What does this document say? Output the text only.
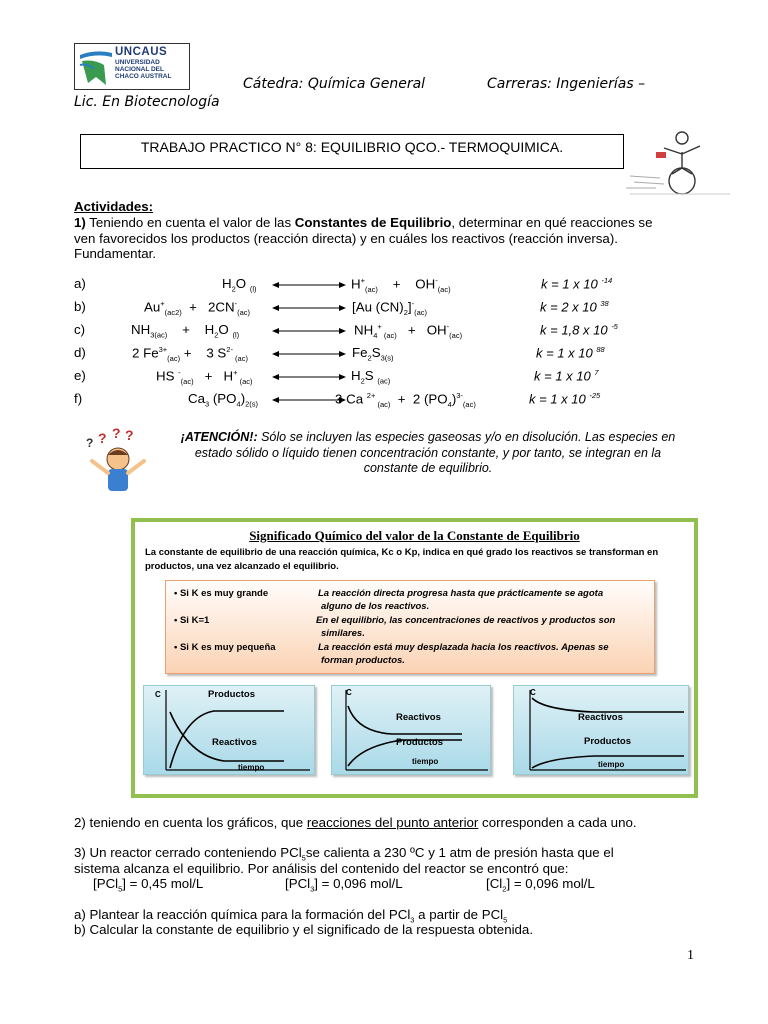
UNCAUS
UNIVERSIDAD
NACIONAL DEL
CHACO AUSTRAL	Cátedra: Química General	Carreras: Ingenierías –
Lic. En Biotecnología
TRABAJO PRACTICO N° 8: EQUILIBRIO QCO.- TERMOQUIMICA.
Actividades:
1) Teniendo en cuenta el valor de las Constantes de Equilibrio, determinar en qué reacciones se
ven favorecidos los productos (reacción directa) y en cuáles los reactivos (reacción inversa).
Fundamentar.
a)	$H_2O$ $_{(l)}$	$H^+_{(ac)}$    +    $OH^-_{(ac)}$	k = 1 x 10 $^{-14}$
b)	$Au^+_{(ac2)} + 2CN^-_{(ac)}$	[Au $(CN)_2]^-_{(ac)}$	k = 2 x 10 $^{38}$
c)	$NH_{3(ac)}$    +    $H_2O$ $_{(l)}$	$NH_4^+$ $_{(ac)} + OH^-_{(ac)}$	k = 1,8 x 10 $^{-5}$
d)	2 $Fe^{3+}_{(ac)}$ +    3 $S^{2-}$ $_{(ac)}$	$Fe_2S_{3(s)}$	k = 1 x 10 $^{88}$
e)	HS -$_{(ac)}$   +   H+ $_{(ac)}$	$H_2S$ $_{(ac)}$	k = 1 x 10 $^7$
f)	$Ca_3$ $(PO_4)_{2(s)}$	3 Ca $^{2+}$ $_{(ac)}$  +  2 $(PO_4)^{3-}_{(ac)}$	k = 1 x 10 $^{-25}$
? ? ?
?	¡ATENCIÓN!: Sólo se incluyen las especies gaseosas y/o en disolución. Las especies en
estado sólido o líquido tienen concentración constante, y por tanto, se integran en la
constante de equilibrio.
Significado Químico del valor de la Constante de Equilibrio
La constante de equilibrio de una reacción química, Kc o Kp, indica en qué grado los reactivos se transforman en
productos, una vez alcanzado el equilibrio.
• Si K es muy grande	La reacción directa progresa hasta que prácticamente se agota
alguno de los reactivos.
• Si K=1	En el equilibrio, las concentraciones de reactivos y productos son
similares.
• Si K es muy pequeña	La reacción está muy desplazada hacia los reactivos. Apenas se
forman productos.
C	Productos
Reactivos
tiempo
C
Reactivos
Productos
tiempo
C
Reactivos
Productos
tiempo
2) teniendo en cuenta los gráficos, que reacciones del punto anterior corresponden a cada uno.
3) Un reactor cerrado conteniendo PCl$_5$se calienta a 230 ºC y 1 atm de presión hasta que el
sistema alcanza el equilibrio. Por análisis del contenido del reactor se encontró que:
[PCl$_5$] = 0,45 mol/L	[PCl$_3$] = 0,096 mol/L	$[Cl_2] = 0,096$ mol/L
a) Plantear la reacción química para la formación del PCl$_3$ a partir de PCl$_5$
b) Calcular la constante de equilibrio y el significado de la respuesta obtenida.
1
